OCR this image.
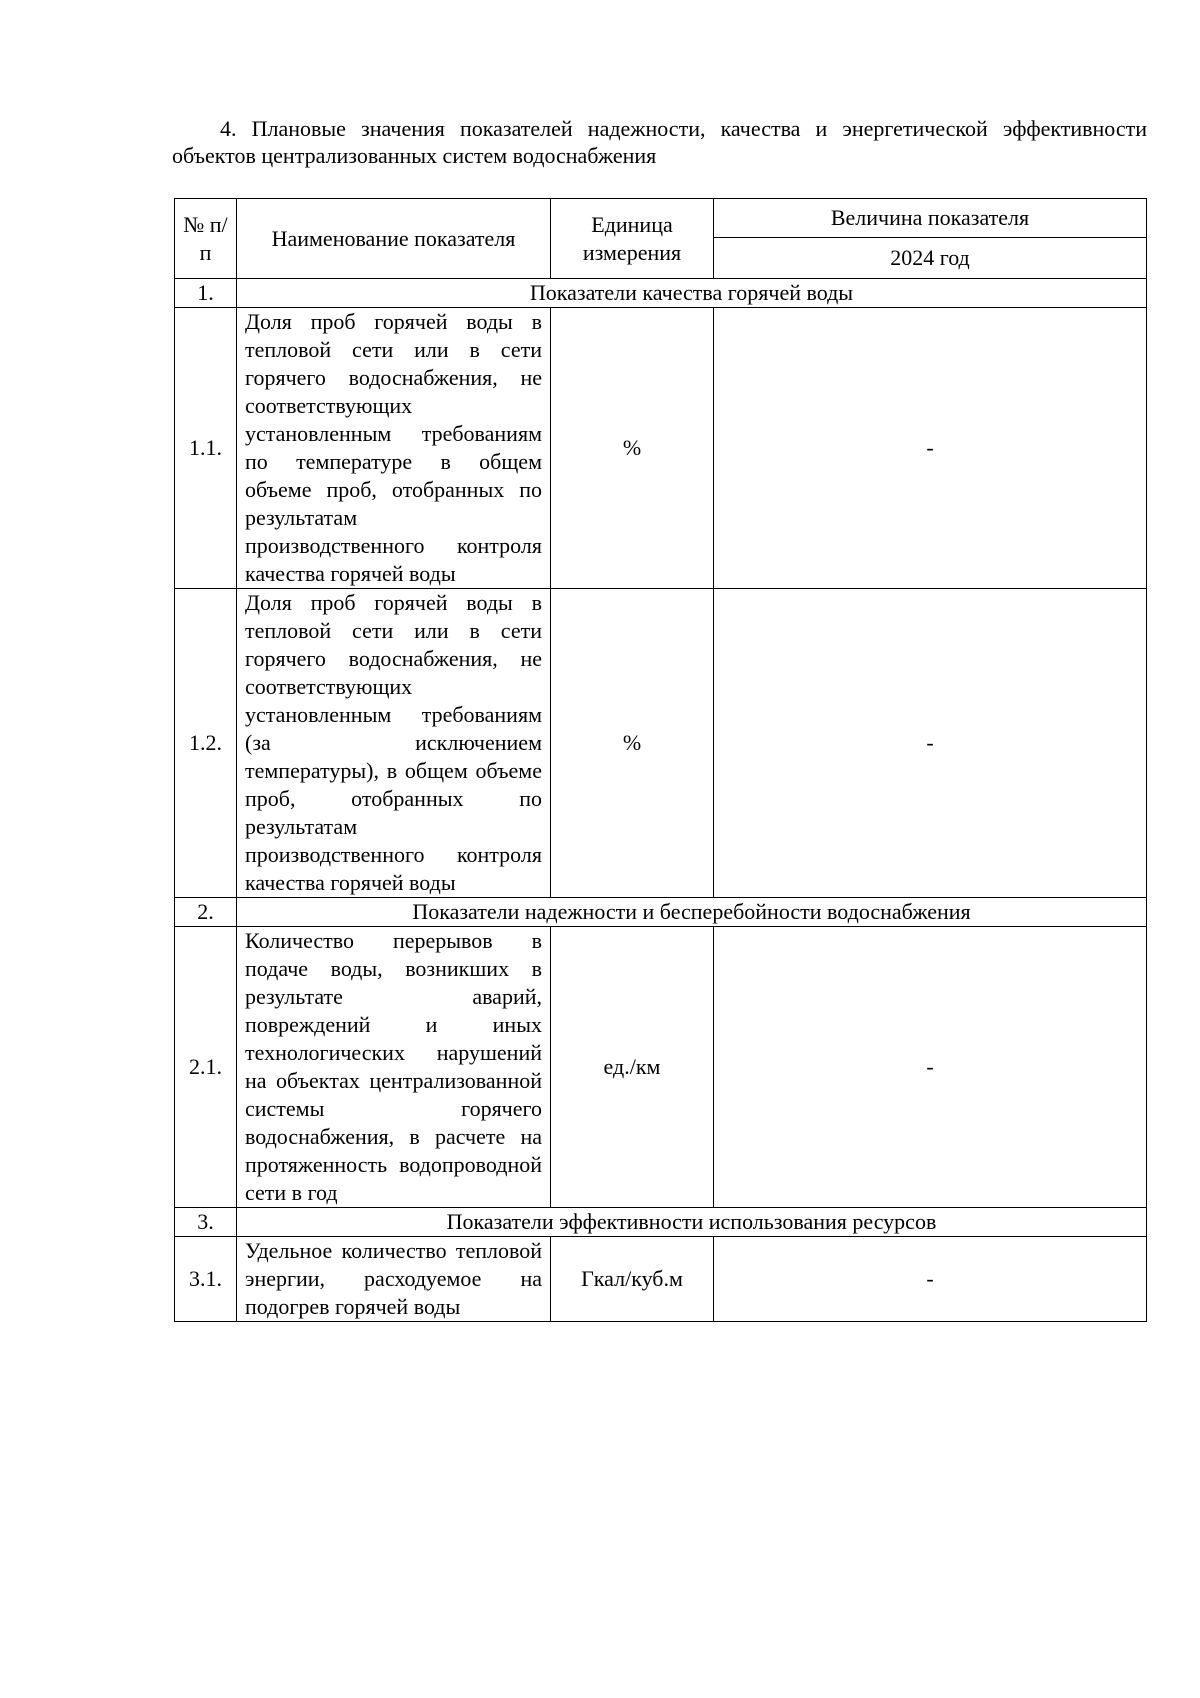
4. Плановые значения показателей надежности, качества и энергетической эффективности объектов централизованных систем водоснабжения
№ п/п	Наименование показателя	Единица измерения	Величина показателя
			2024 год
1.	Показатели качества горячей воды		
1.1.	Доля проб горячей воды в тепловой сети или в сети горячего водоснабжения, не соответствующих установленным требованиям по температуре в общем объеме проб, отобранных по результатам производственного контроля качества горячей воды	%	-
1.2.	Доля проб горячей воды в тепловой сети или в сети горячего водоснабжения, не соответствующих установленным требованиям (за исключением температуры), в общем объеме проб, отобранных по результатам производственного контроля качества горячей воды	%	-
2.	Показатели надежности и бесперебойности водоснабжения		
2.1.	Количество перерывов в подаче воды, возникших в результате аварий, повреждений и иных технологических нарушений на объектах централизованной системы горячего водоснабжения, в расчете на протяженность водопроводной сети в год	ед./км	-
3.	Показатели эффективности использования ресурсов		
3.1.	Удельное количество тепловой энергии, расходуемое на подогрев горячей воды	Гкал/куб.м	-
